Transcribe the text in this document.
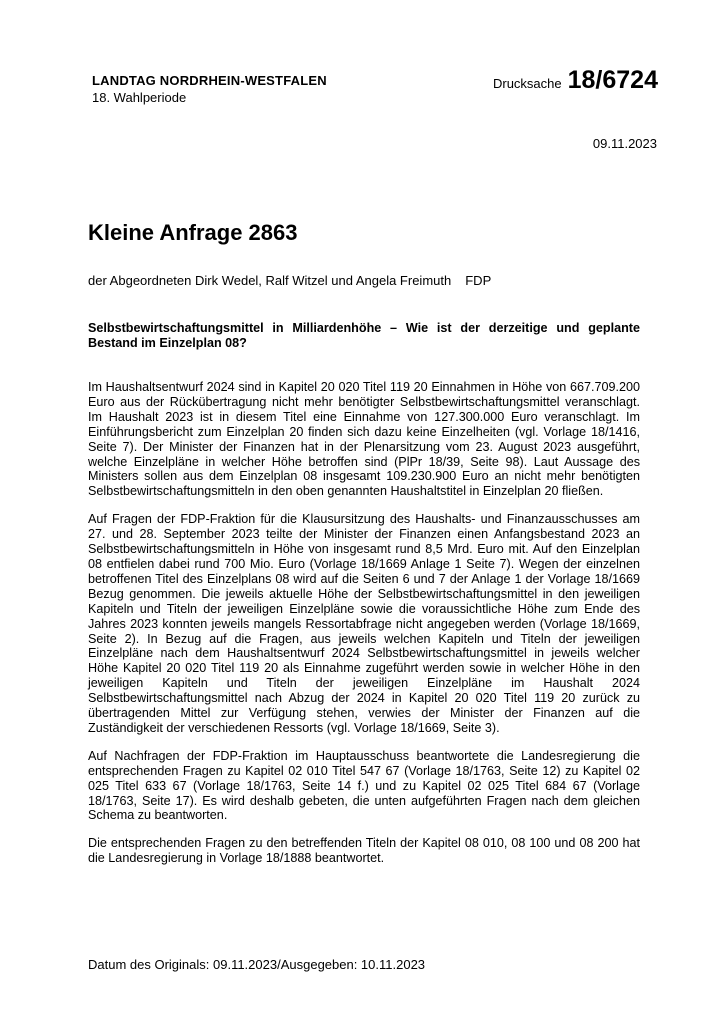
LANDTAG NORDRHEIN-WESTFALEN
18. Wahlperiode
Drucksache 18/6724
09.11.2023
Kleine Anfrage 2863
der Abgeordneten Dirk Wedel, Ralf Witzel und Angela Freimuth FDP
Selbstbewirtschaftungsmittel in Milliardenhöhe – Wie ist der derzeitige und geplante Bestand im Einzelplan 08?

Im Haushaltsentwurf 2024 sind in Kapitel 20 020 Titel 119 20 Einnahmen in Höhe von 667.709.200 Euro aus der Rückübertragung nicht mehr benötigter Selbstbewirtschaftungsmittel veranschlagt. Im Haushalt 2023 ist in diesem Titel eine Einnahme von 127.300.000 Euro veranschlagt. Im Einführungsbericht zum Einzelplan 20 finden sich dazu keine Einzelheiten (vgl. Vorlage 18/1416, Seite 7). Der Minister der Finanzen hat in der Plenarsitzung vom 23. August 2023 ausgeführt, welche Einzelpläne in welcher Höhe betroffen sind (PlPr 18/39, Seite 98). Laut Aussage des Ministers sollen aus dem Einzelplan 08 insgesamt 109.230.900 Euro an nicht mehr benötigten Selbstbewirtschaftungsmitteln in den oben genannten Haushaltstitel in Einzelplan 20 fließen.

Auf Fragen der FDP-Fraktion für die Klausursitzung des Haushalts- und Finanzausschusses am 27. und 28. September 2023 teilte der Minister der Finanzen einen Anfangsbestand 2023 an Selbstbewirtschaftungsmitteln in Höhe von insgesamt rund 8,5 Mrd. Euro mit. Auf den Einzelplan 08 entfielen dabei rund 700 Mio. Euro (Vorlage 18/1669 Anlage 1 Seite 7). Wegen der einzelnen betroffenen Titel des Einzelplans 08 wird auf die Seiten 6 und 7 der Anlage 1 der Vorlage 18/1669 Bezug genommen. Die jeweils aktuelle Höhe der Selbstbewirtschaftungsmittel in den jeweiligen Kapiteln und Titeln der jeweiligen Einzelpläne sowie die voraussichtliche Höhe zum Ende des Jahres 2023 konnten jeweils mangels Ressortabfrage nicht angegeben werden (Vorlage 18/1669, Seite 2). In Bezug auf die Fragen, aus jeweils welchen Kapiteln und Titeln der jeweiligen Einzelpläne nach dem Haushaltsentwurf 2024 Selbstbewirtschaftungsmittel in jeweils welcher Höhe Kapitel 20 020 Titel 119 20 als Einnahme zugeführt werden sowie in welcher Höhe in den jeweiligen Kapiteln und Titeln der jeweiligen Einzelpläne im Haushalt 2024 Selbstbewirtschaftungsmittel nach Abzug der 2024 in Kapitel 20 020 Titel 119 20 zurück zu übertragenden Mittel zur Verfügung stehen, verwies der Minister der Finanzen auf die Zuständigkeit der verschiedenen Ressorts (vgl. Vorlage 18/1669, Seite 3).

Auf Nachfragen der FDP-Fraktion im Hauptausschuss beantwortete die Landesregierung die entsprechenden Fragen zu Kapitel 02 010 Titel 547 67 (Vorlage 18/1763, Seite 12) zu Kapitel 02 025 Titel 633 67 (Vorlage 18/1763, Seite 14 f.) und zu Kapitel 02 025 Titel 684 67 (Vorlage 18/1763, Seite 17). Es wird deshalb gebeten, die unten aufgeführten Fragen nach dem gleichen Schema zu beantworten.

Die entsprechenden Fragen zu den betreffenden Titeln der Kapitel 08 010, 08 100 und 08 200 hat die Landesregierung in Vorlage 18/1888 beantwortet.

Datum des Originals: 09.11.2023/Ausgegeben: 10.11.2023
